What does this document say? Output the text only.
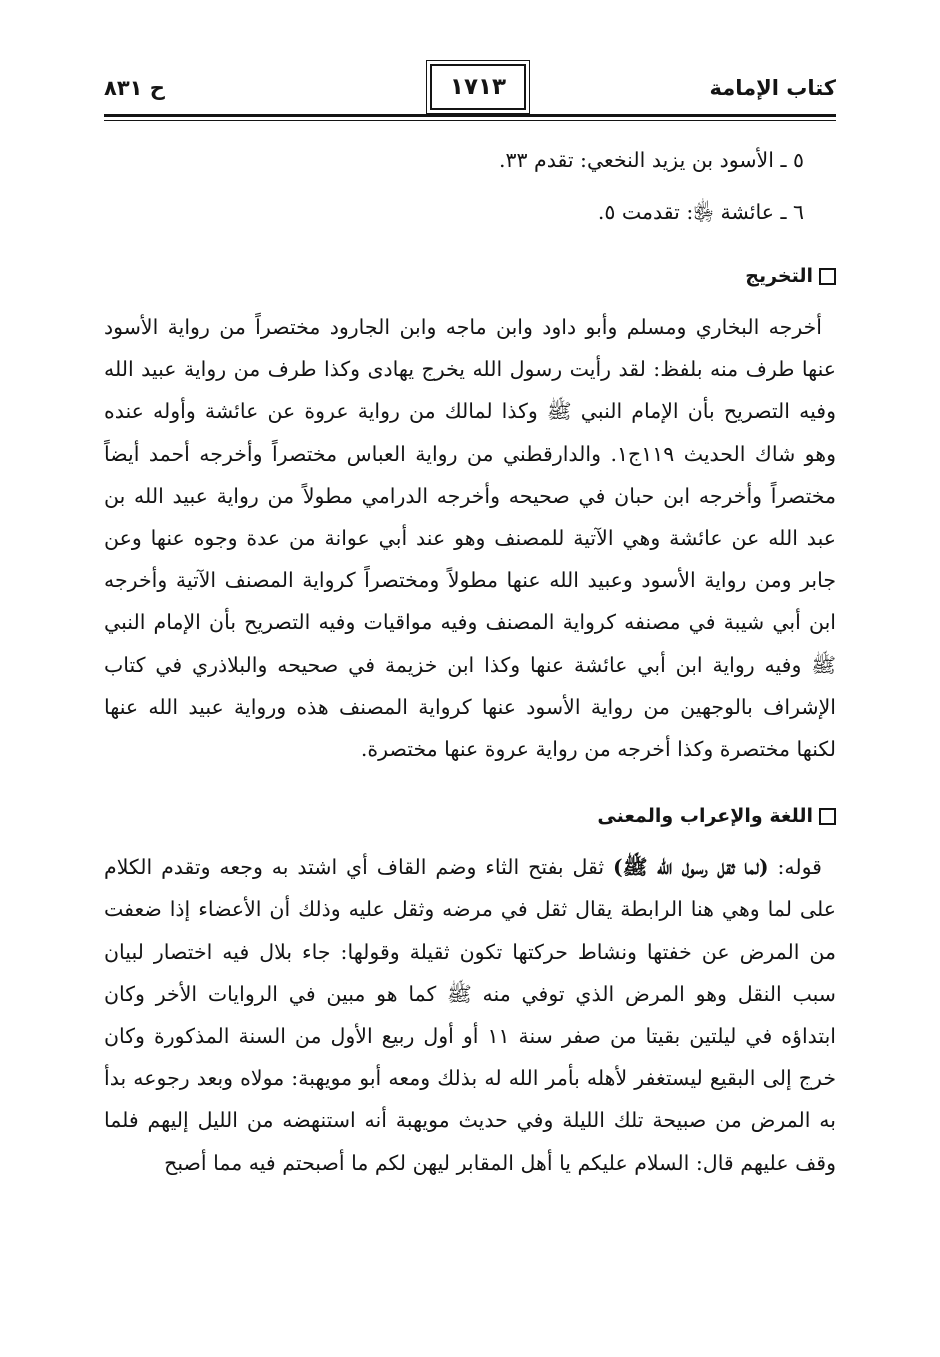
كتاب الإمامة
١٧١٣
ح ٨٣١

٥ ـ الأسود بن يزيد النخعي: تقدم ٣٣.

٦ ـ عائشة ﵂: تقدمت ٥.

التخريج

أخرجه البخاري ومسلم وأبو داود وابن ماجه وابن الجارود مختصراً من رواية الأسود عنها طرف منه بلفظ: لقد رأيت رسول الله يخرج يهادى وكذا طرف من رواية عبيد الله وفيه التصريح بأن الإمام النبي ﷺ وكذا لمالك من رواية عروة عن عائشة وأوله عنده وهو شاك الحديث ١١٩ج١. والدارقطني من رواية العباس مختصراً وأخرجه أحمد أيضاً مختصراً وأخرجه ابن حبان في صحيحه وأخرجه الدرامي مطولاً من رواية عبيد الله بن عبد الله عن عائشة وهي الآتية للمصنف وهو عند أبي عوانة من عدة وجوه عنها وعن جابر ومن رواية الأسود وعبيد الله عنها مطولاً ومختصراً كرواية المصنف الآتية وأخرجه ابن أبي شيبة في مصنفه كرواية المصنف وفيه مواقيات وفيه التصريح بأن الإمام النبي ﷺ وفيه رواية ابن أبي عائشة عنها وكذا ابن خزيمة في صحيحه والبلاذري في كتاب الإشراف بالوجهين من رواية الأسود عنها كرواية المصنف هذه ورواية عبيد الله عنها لكنها مختصرة وكذا أخرجه من رواية عروة عنها مختصرة.

اللغة والإعراب والمعنى

قوله: (لما ثقل رسول الله ﷺ) ثقل بفتح الثاء وضم القاف أي اشتد به وجعه وتقدم الكلام على لما وهي هنا الرابطة يقال ثقل في مرضه وثقل عليه وذلك أن الأعضاء إذا ضعفت من المرض عن خفتها ونشاط حركتها تكون ثقيلة وقولها: جاء بلال فيه اختصار لبيان سبب النقل وهو المرض الذي توفي منه ﷺ كما هو مبين في الروايات الأخر وكان ابتداؤه في ليلتين بقيتا من صفر سنة ١١ أو أول ربيع الأول من السنة المذكورة وكان خرج إلى البقيع ليستغفر لأهله بأمر الله له بذلك ومعه أبو مويهبة: مولاه وبعد رجوعه بدأ به المرض من صبيحة تلك الليلة وفي حديث مويهبة أنه استنهضه من الليل إليهم فلما وقف عليهم قال: السلام عليكم يا أهل المقابر ليهن لكم ما أصبحتم فيه مما أصبح
